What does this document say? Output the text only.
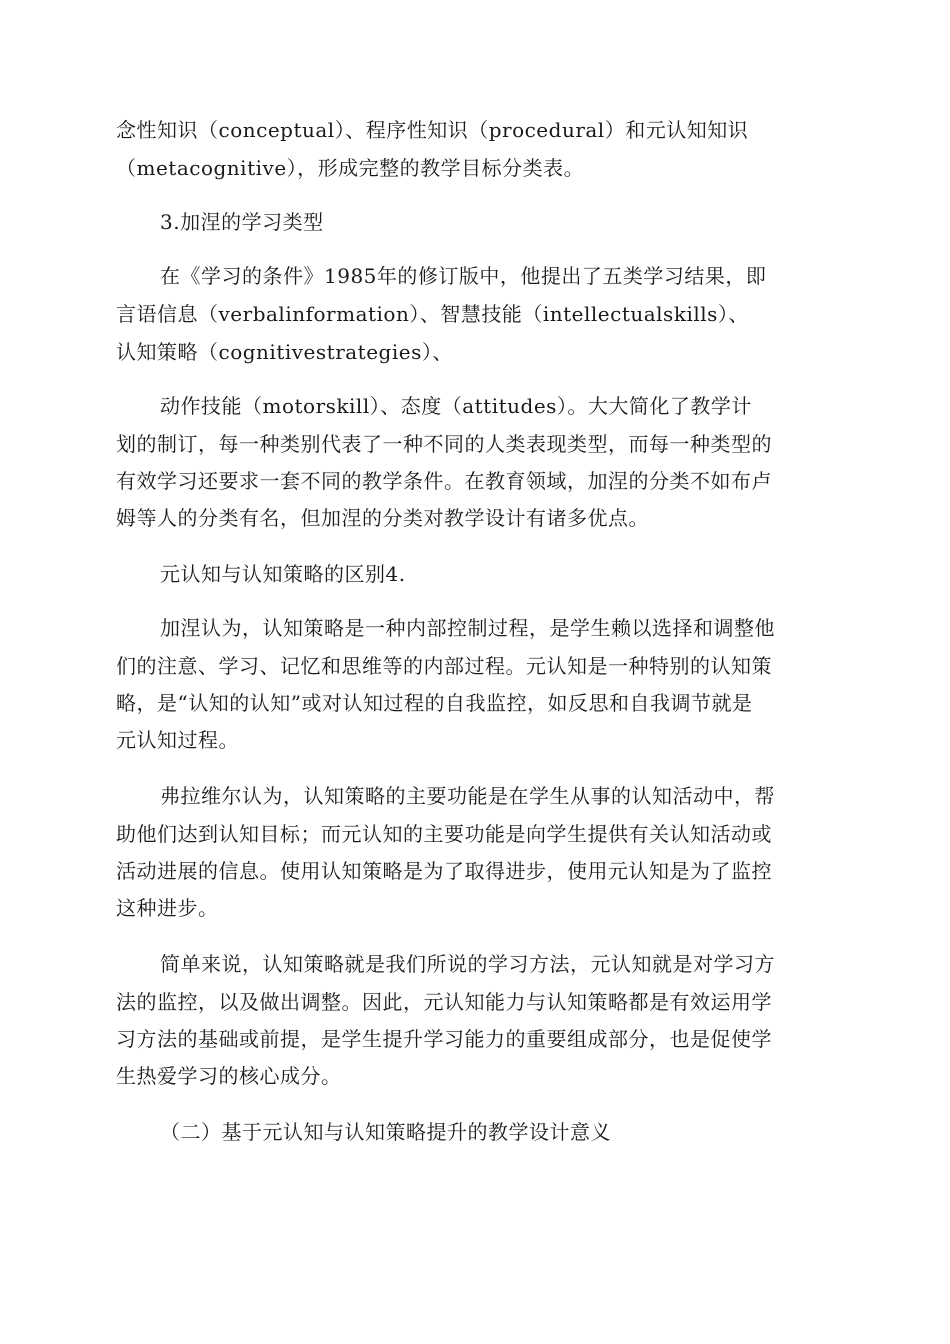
念性知识（conceptual）、程序性知识（procedural）和元认知知识
（metacognitive），形成完整的教学目标分类表。
3.加涅的学习类型
在《学习的条件》1985年的修订版中，他提出了五类学习结果，即
言语信息（verbalinformation）、智慧技能（intellectualskills）、
认知策略（cognitivestrategies）、
动作技能（motorskill）、态度（attitudes）。大大简化了教学计
划的制订，每一种类别代表了一种不同的人类表现类型，而每一种类型的
有效学习还要求一套不同的教学条件。在教育领域，加涅的分类不如布卢
姆等人的分类有名，但加涅的分类对教学设计有诸多优点。
元认知与认知策略的区别4.
加涅认为，认知策略是一种内部控制过程，是学生赖以选择和调整他
们的注意、学习、记忆和思维等的内部过程。元认知是一种特别的认知策
略，是“认知的认知”或对认知过程的自我监控，如反思和自我调节就是
元认知过程。
弗拉维尔认为，认知策略的主要功能是在学生从事的认知活动中，帮
助他们达到认知目标；而元认知的主要功能是向学生提供有关认知活动或
活动进展的信息。使用认知策略是为了取得进步，使用元认知是为了监控
这种进步。
简单来说，认知策略就是我们所说的学习方法，元认知就是对学习方
法的监控，以及做出调整。因此，元认知能力与认知策略都是有效运用学
习方法的基础或前提，是学生提升学习能力的重要组成部分，也是促使学
生热爱学习的核心成分。
（二）基于元认知与认知策略提升的教学设计意义
